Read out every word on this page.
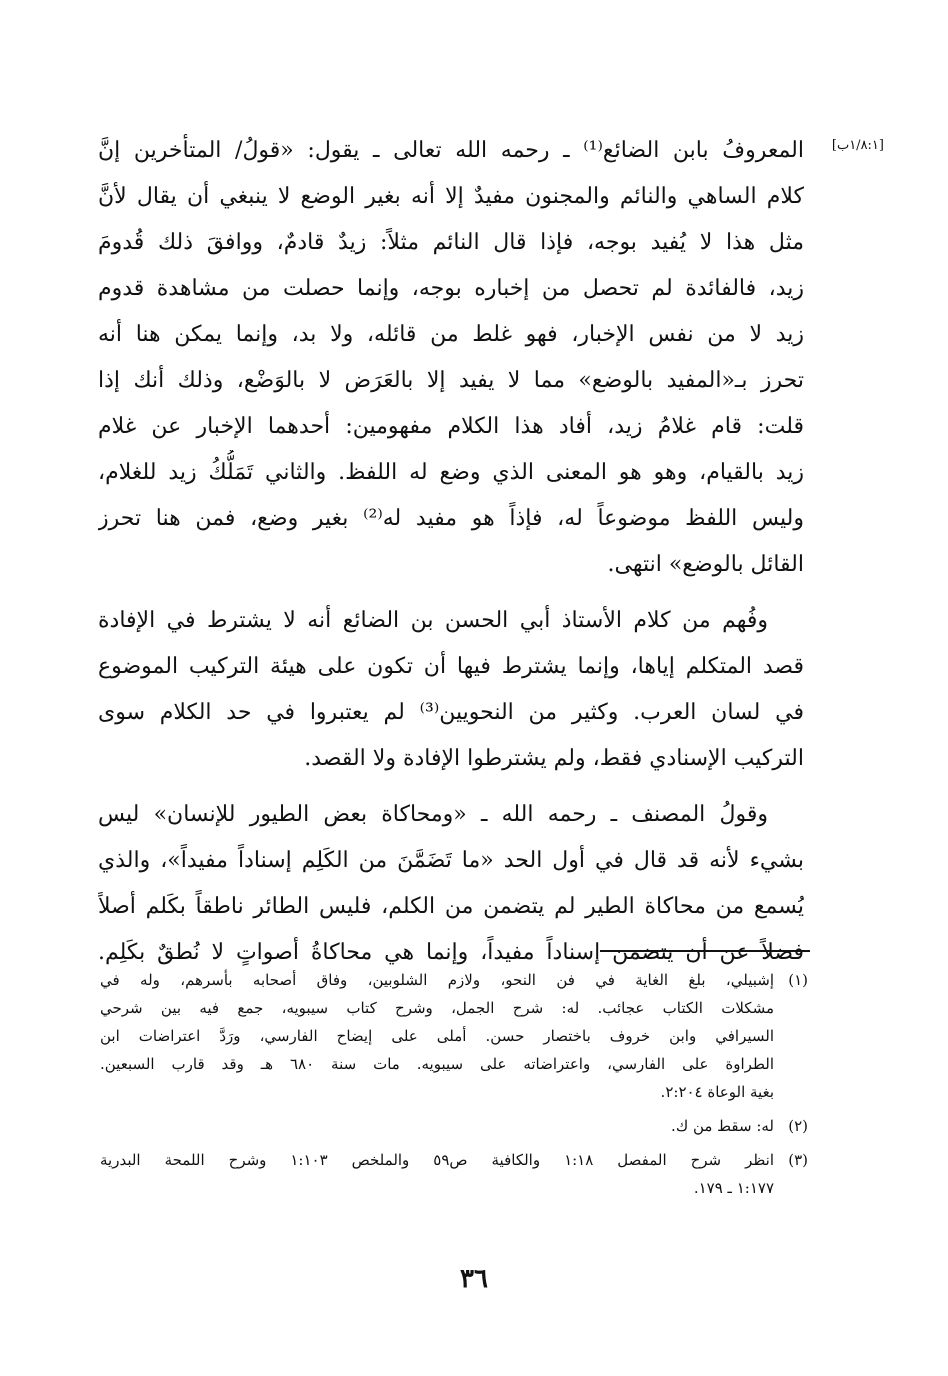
[١/٨:١ب]
المعروفُ بابن الضائع⁽¹⁾ ـ رحمه الله تعالى ـ يقول: «قولُ/ المتأخرين إنَّ
كلام الساهي والنائم والمجنون مفيدٌ إلا أنه بغير الوضع لا ينبغي أن يقال لأنَّ
مثل هذا لا يُفيد بوجه، فإذا قال النائم مثلاً: زيدٌ قادمٌ، ووافقَ ذلك قُدومَ
زيد، فالفائدة لم تحصل من إخباره بوجه، وإنما حصلت من مشاهدة قدوم
زيد لا من نفس الإخبار، فهو غلط من قائله، ولا بد، وإنما يمكن هنا أنه
تحرز بـ«المفيد بالوضع» مما لا يفيد إلا بالعَرَض لا بالوَضْع، وذلك أنك إذا
قلت: قام غلامُ زيد، أفاد هذا الكلام مفهومين: أحدهما الإخبار عن غلام
زيد بالقيام، وهو هو المعنى الذي وضع له اللفظ. والثاني تَمَلُّكُ زيد للغلام،
وليس اللفظ موضوعاً له، فإذاً هو مفيد له⁽²⁾ بغير وضع، فمن هنا تحرز
القائل بالوضع» انتهى.
وفُهم من كلام الأستاذ أبي الحسن بن الضائع أنه لا يشترط في الإفادة
قصد المتكلم إياها، وإنما يشترط فيها أن تكون على هيئة التركيب الموضوع
في لسان العرب. وكثير من النحويين⁽³⁾ لم يعتبروا في حد الكلام سوى
التركيب الإسنادي فقط، ولم يشترطوا الإفادة ولا القصد.
وقولُ المصنف ـ رحمه الله ـ «ومحاكاة بعض الطيور للإنسان» ليس
بشيء لأنه قد قال في أول الحد «ما تَضَمَّنَ من الكَلِم إسناداً مفيداً»، والذي
يُسمع من محاكاة الطير لم يتضمن من الكلم، فليس الطائر ناطقاً بكَلم أصلاً
فضلاً عن أن يتضمن إسناداً مفيداً، وإنما هي محاكاةُ أصواتٍ لا نُطقٌ بكَلِم.
(١)
إشبيلي، بلغ الغاية في فن النحو، ولازم الشلوبين، وفاق أصحابه بأسرهم، وله في
مشكلات الكتاب عجائب. له: شرح الجمل، وشرح كتاب سيبويه، جمع فيه بين شرحي
السيرافي وابن خروف باختصار حسن. أملى على إيضاح الفارسي، ورَدَّ اعتراضات ابن
الطراوة على الفارسي، واعتراضاته على سيبويه. مات سنة ٦٨٠ هـ وقد قارب السبعين.
بغية الوعاة ٢:٢٠٤.
(٢)
له: سقط من ك.
(٣)
انظر شرح المفصل ١:١٨ والكافية ص٥٩ والملخص ١:١٠٣ وشرح اللمحة البدرية
١:١٧٧ ـ ١٧٩.
٣٦
